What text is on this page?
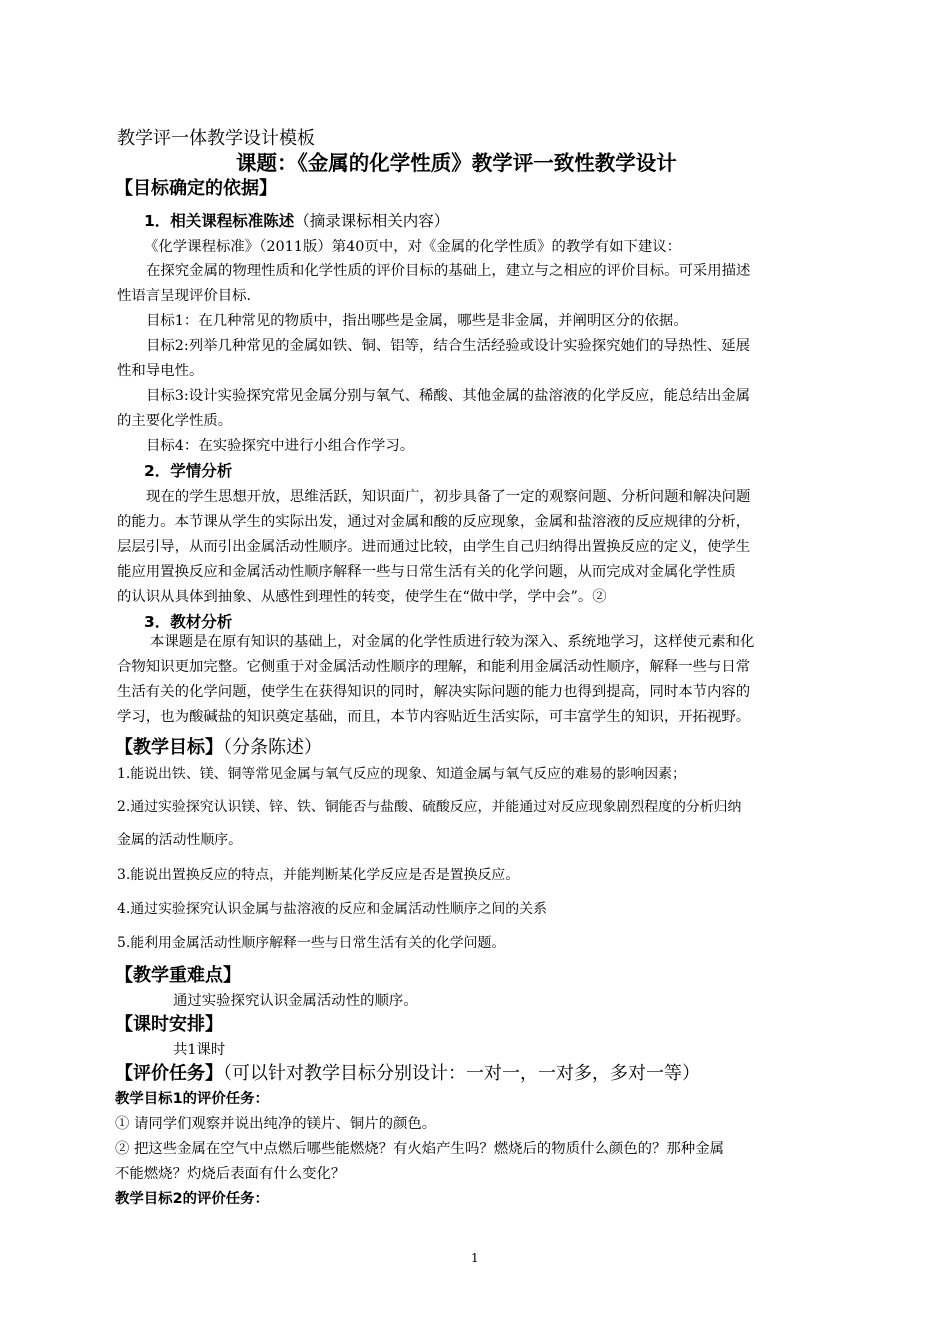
教学评一体教学设计模板
课题：《金属的化学性质》教学评一致性教学设计
【目标确定的依据】
1．相关课程标准陈述（摘录课标相关内容）
《化学课程标准》（2011版）第40页中，对《金属的化学性质》的教学有如下建议：
在探究金属的物理性质和化学性质的评价目标的基础上，建立与之相应的评价目标。可采用描述
性语言呈现评价目标.
目标1：在几种常见的物质中，指出哪些是金属，哪些是非金属，并阐明区分的依据。
目标2:列举几种常见的金属如铁、铜、铝等，结合生活经验或设计实验探究她们的导热性、延展
性和导电性。
目标3:设计实验探究常见金属分别与氧气、稀酸、其他金属的盐溶液的化学反应，能总结出金属
的主要化学性质。
目标4：在实验探究中进行小组合作学习。
2．学情分析
现在的学生思想开放，思维活跃，知识面广，初步具备了一定的观察问题、分析问题和解决问题
的能力。本节课从学生的实际出发，通过对金属和酸的反应现象，金属和盐溶液的反应规律的分析，
层层引导，从而引出金属活动性顺序。进而通过比较，由学生自己归纳得出置换反应的定义，使学生
能应用置换反应和金属活动性顺序解释一些与日常生活有关的化学问题，从而完成对金属化学性质
的认识从具体到抽象、从感性到理性的转变，使学生在“做中学，学中会”。②
3．教材分析
本课题是在原有知识的基础上，对金属的化学性质进行较为深入、系统地学习，这样使元素和化
合物知识更加完整。它侧重于对金属活动性顺序的理解，和能利用金属活动性顺序，解释一些与日常
生活有关的化学问题，使学生在获得知识的同时，解决实际问题的能力也得到提高，同时本节内容的
学习，也为酸碱盐的知识奠定基础，而且，本节内容贴近生活实际，可丰富学生的知识，开拓视野。
【教学目标】（分条陈述）
1.能说出铁、镁、铜等常见金属与氧气反应的现象、知道金属与氧气反应的难易的影响因素；
2.通过实验探究认识镁、锌、铁、铜能否与盐酸、硫酸反应，并能通过对反应现象剧烈程度的分析归纳
金属的活动性顺序。
3.能说出置换反应的特点，并能判断某化学反应是否是置换反应。
4.通过实验探究认识金属与盐溶液的反应和金属活动性顺序之间的关系
5.能利用金属活动性顺序解释一些与日常生活有关的化学问题。
【教学重难点】
通过实验探究认识金属活动性的顺序。
【课时安排】
共1课时
【评价任务】（可以针对教学目标分别设计：一对一，一对多，多对一等）
教学目标1的评价任务：
① 请同学们观察并说出纯净的镁片、铜片的颜色。
② 把这些金属在空气中点燃后哪些能燃烧？有火焰产生吗？燃烧后的物质什么颜色的？那种金属
不能燃烧？灼烧后表面有什么变化？
教学目标2的评价任务：
1
